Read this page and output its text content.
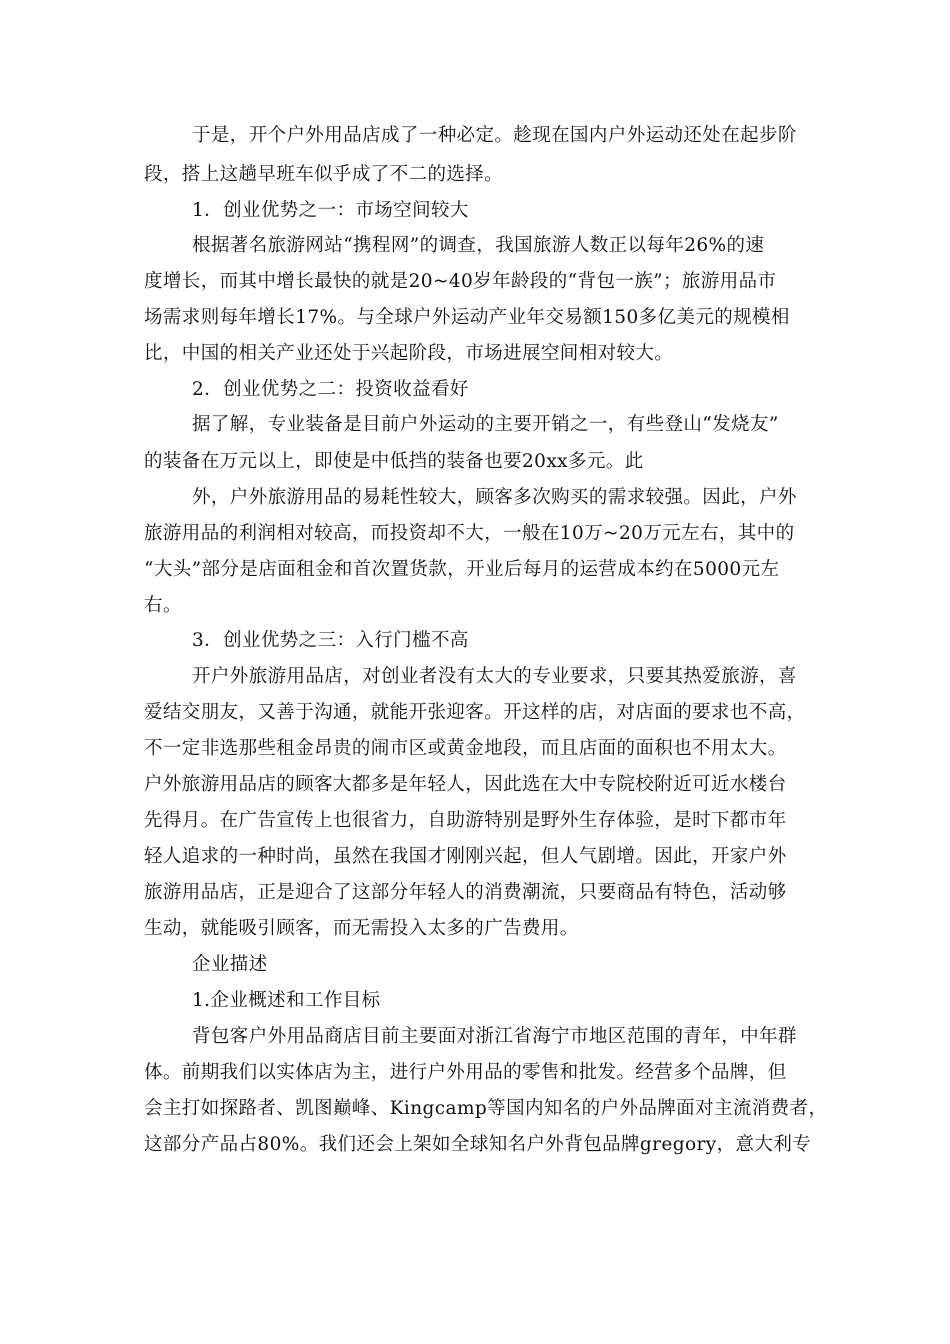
于是，开个户外用品店成了一种必定。趁现在国内户外运动还处在起步阶
段，搭上这趟早班车似乎成了不二的选择。
1．创业优势之一：市场空间较大
根据著名旅游网站“携程网”的调查，我国旅游人数正以每年26%的速
度增长，而其中增长最快的就是20~40岁年龄段的“背包一族”；旅游用品市
场需求则每年增长17%。与全球户外运动产业年交易额150多亿美元的规模相
比，中国的相关产业还处于兴起阶段，市场进展空间相对较大。
2．创业优势之二：投资收益看好
据了解，专业装备是目前户外运动的主要开销之一，有些登山“发烧友”
的装备在万元以上，即使是中低挡的装备也要20xx多元。此
外，户外旅游用品的易耗性较大，顾客多次购买的需求较强。因此，户外
旅游用品的利润相对较高，而投资却不大，一般在10万~20万元左右，其中的
“大头”部分是店面租金和首次置货款，开业后每月的运营成本约在5000元左
右。
3．创业优势之三：入行门槛不高
开户外旅游用品店，对创业者没有太大的专业要求，只要其热爱旅游，喜
爱结交朋友，又善于沟通，就能开张迎客。开这样的店，对店面的要求也不高，
不一定非选那些租金昂贵的闹市区或黄金地段，而且店面的面积也不用太大。
户外旅游用品店的顾客大都多是年轻人，因此选在大中专院校附近可近水楼台
先得月。在广告宣传上也很省力，自助游特别是野外生存体验，是时下都市年
轻人追求的一种时尚，虽然在我国才刚刚兴起，但人气剧增。因此，开家户外
旅游用品店，正是迎合了这部分年轻人的消费潮流，只要商品有特色，活动够
生动，就能吸引顾客，而无需投入太多的广告费用。
企业描述
1.企业概述和工作目标
背包客户外用品商店目前主要面对浙江省海宁市地区范围的青年，中年群
体。前期我们以实体店为主，进行户外用品的零售和批发。经营多个品牌，但
会主打如探路者、凯图巅峰、Kingcamp等国内知名的户外品牌面对主流消费者，
这部分产品占80%。我们还会上架如全球知名户外背包品牌gregory，意大利专
